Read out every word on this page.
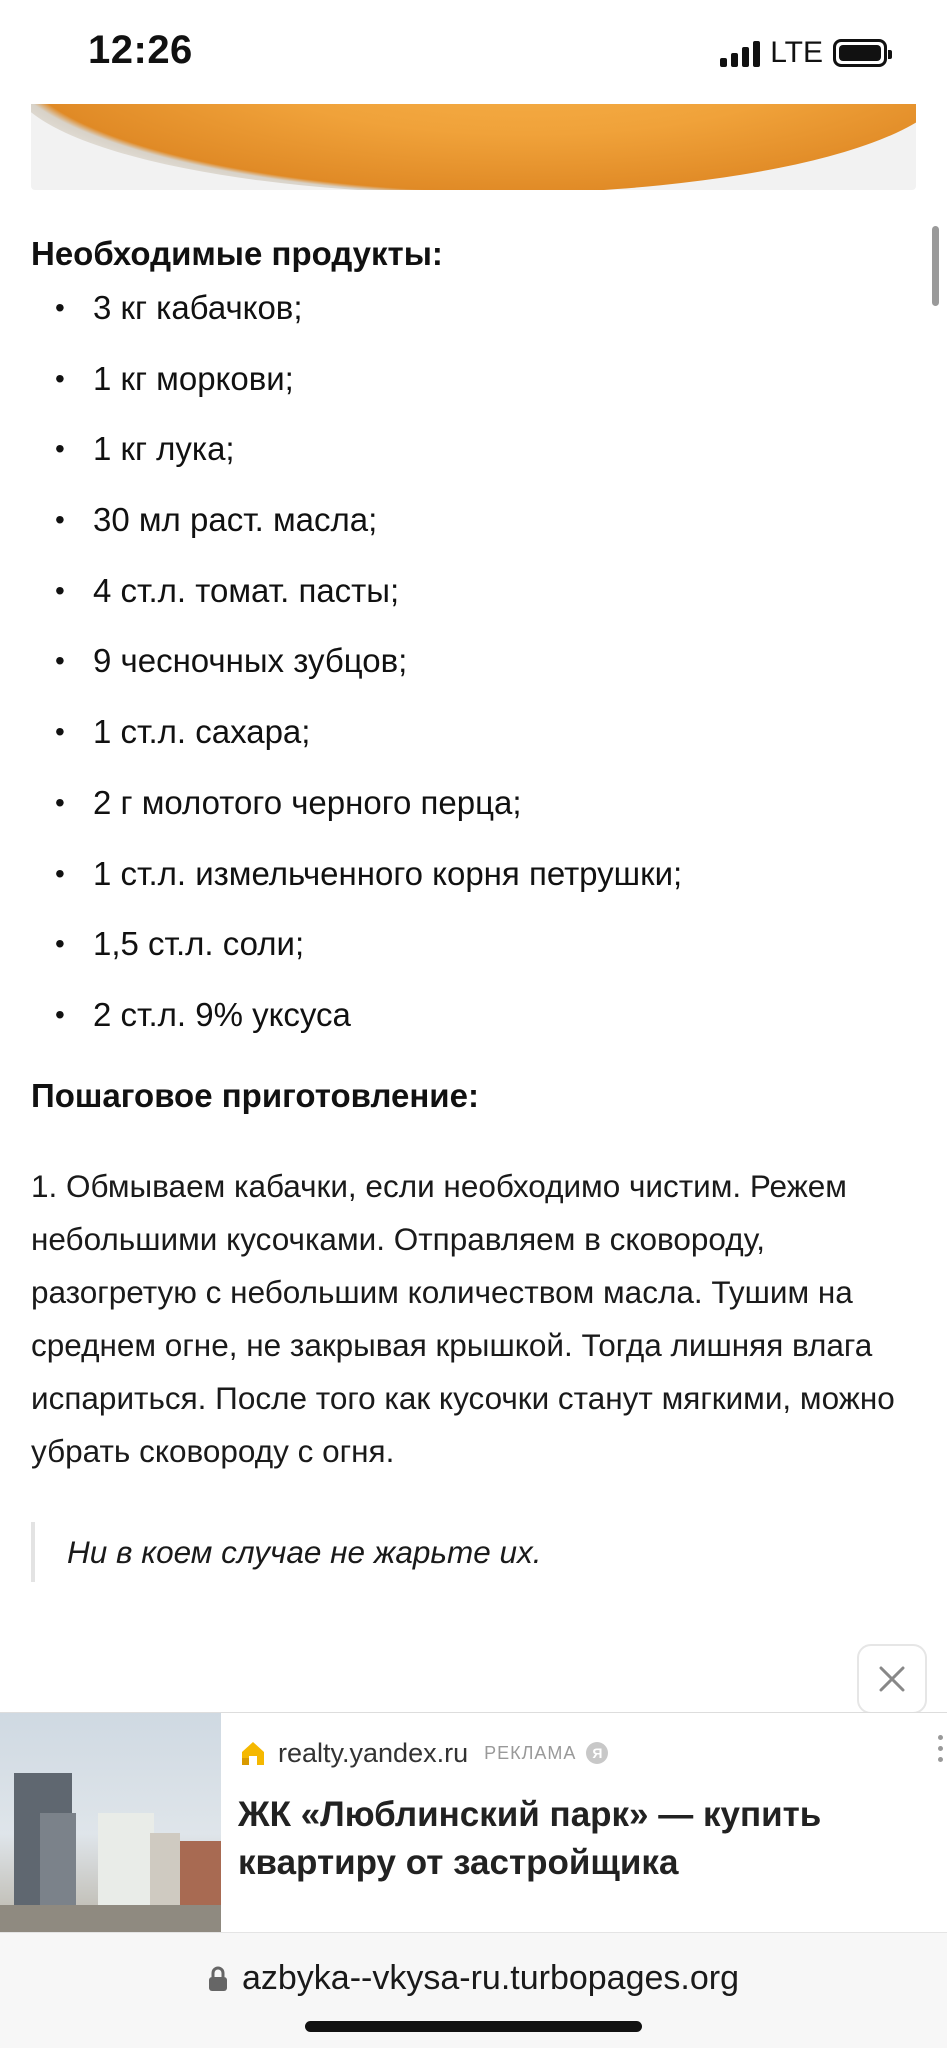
12:26	LTE
Необходимые продукты:
• 3 кг кабачков;
• 1 кг моркови;
• 1 кг лука;
• 30 мл раст. масла;
• 4 ст.л. томат. пасты;
• 9 чесночных зубцов;
• 1 ст.л. сахара;
• 2 г молотого черного перца;
• 1 ст.л. измельченного корня петрушки;
• 1,5 ст.л. соли;
• 2 ст.л. 9% уксуса
Пошаговое приготовление:

1. Обмываем кабачки, если необходимо чистим. Режем небольшими кусочками. Отправляем в сковороду, разогретую с небольшим количеством масла. Тушим на среднем огне, не закрывая крышкой. Тогда лишняя влага испариться. После того как кусочки станут мягкими, можно убрать сковороду с огня.

Ни в коем случае не жарьте их.
realty.yandex.ru РЕКЛАМА	Я
ЖК «Люблинский парк» — купить квартиру от застройщика
azbyka--vkysa-ru.turbopages.org
